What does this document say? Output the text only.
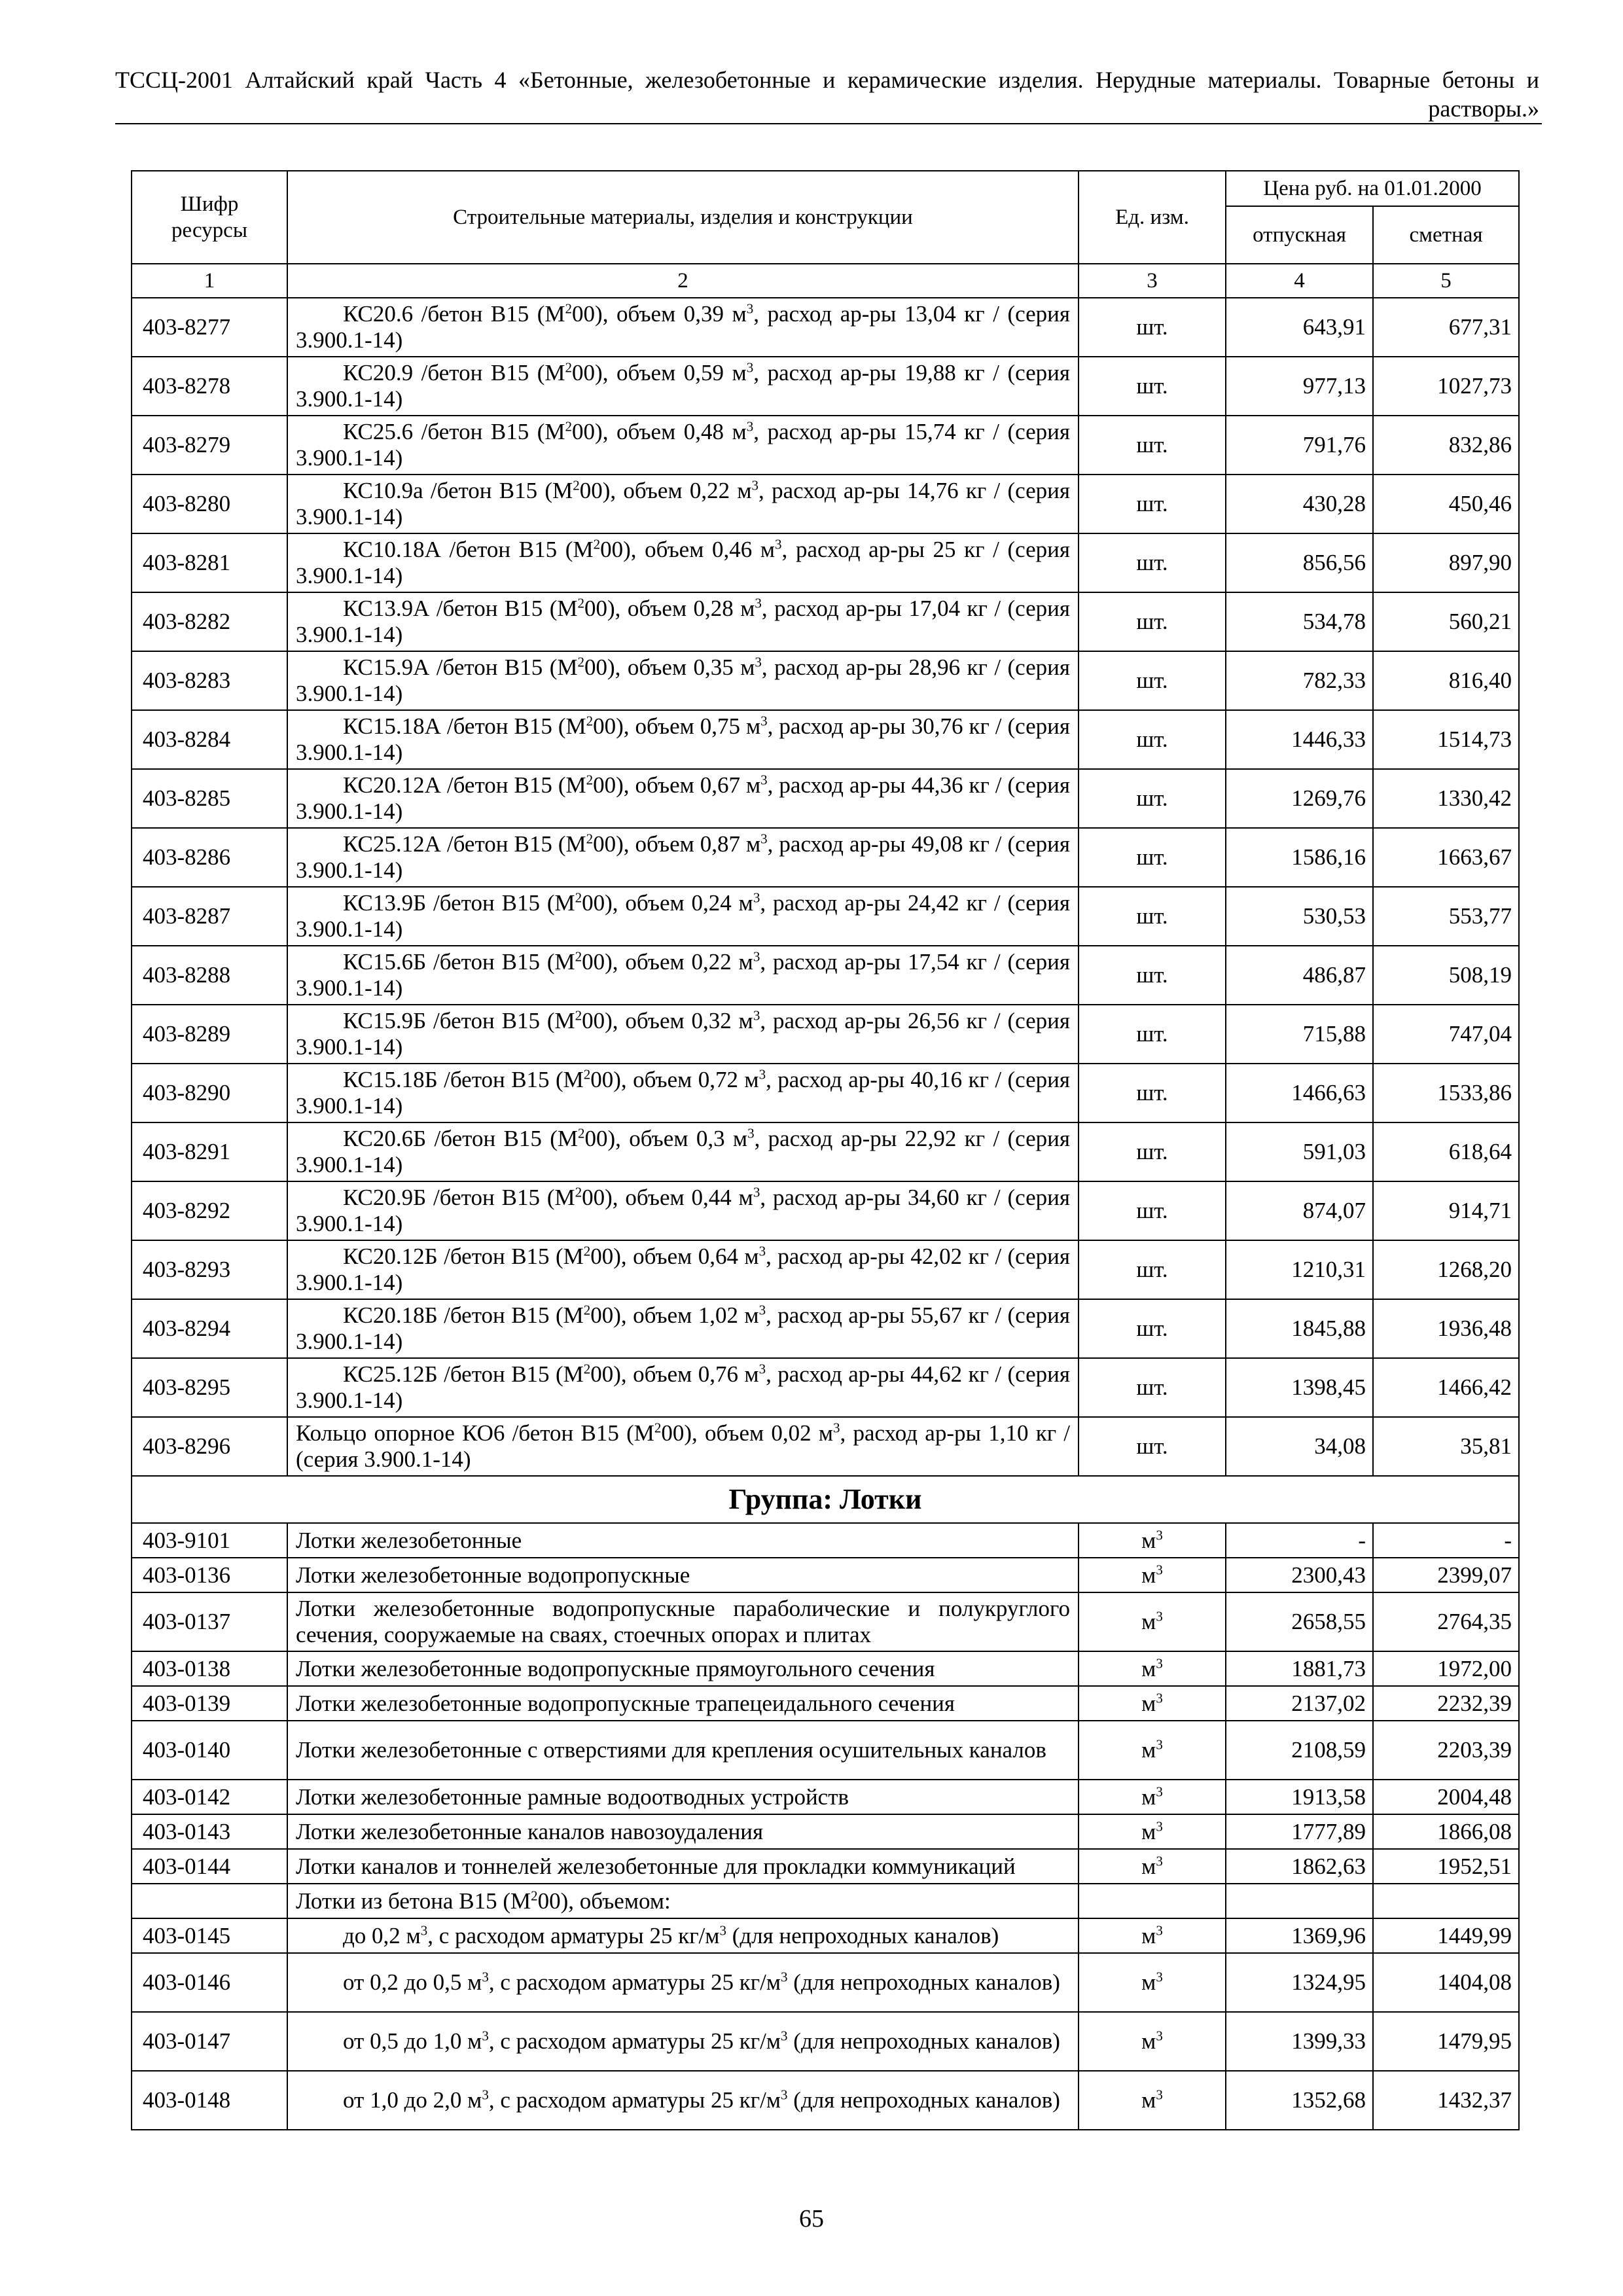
ТССЦ-2001 Алтайский край Часть 4 «Бетонные, железобетонные и керамические изделия. Нерудные материалы. Товарные бетоны и
растворы.»
Шифр ресурсы	Строительные материалы, изделия и конструкции	Ед. изм.	Цена руб. на 01.01.2000	
			отпускная	сметная
1	2	3	4	5
403-8277	КС20.6 /бетон В15 $(М^200)$, объем 0,39 $м^3$, расход ар-ры 13,04 кг / (серия 3.900.1-14)	шт.	643,91	677,31
403-8278	КС20.9 /бетон В15 $(М^200)$, объем 0,59 $м^3$, расход ар-ры 19,88 кг / (серия 3.900.1-14)	шт.	977,13	1027,73
403-8279	КС25.6 /бетон В15 $(М^200)$, объем 0,48 $м^3$, расход ар-ры 15,74 кг / (серия 3.900.1-14)	шт.	791,76	832,86
403-8280	КС10.9а /бетон В15 $(М^200)$, объем 0,22 $м^3$, расход ар-ры 14,76 кг / (серия 3.900.1-14)	шт.	430,28	450,46
403-8281	КС10.18А /бетон В15 $(М^200)$, объем 0,46 $м^3$, расход ар-ры 25 кг / (серия 3.900.1-14)	шт.	856,56	897,90
403-8282	КС13.9А /бетон В15 $(М^200)$, объем 0,28 $м^3$, расход ар-ры 17,04 кг / (серия 3.900.1-14)	шт.	534,78	560,21
403-8283	КС15.9А /бетон В15 $(М^200)$, объем 0,35 $м^3$, расход ар-ры 28,96 кг / (серия 3.900.1-14)	шт.	782,33	816,40
403-8284	КС15.18А /бетон В15 $(М^200)$, объем 0,75 $м^3$, расход ар-ры 30,76 кг / (серия 3.900.1-14)	шт.	1446,33	1514,73
403-8285	КС20.12А /бетон В15 $(М^200)$, объем 0,67 $м^3$, расход ар-ры 44,36 кг / (серия 3.900.1-14)	шт.	1269,76	1330,42
403-8286	КС25.12А /бетон В15 $(М^200)$, объем 0,87 $м^3$, расход ар-ры 49,08 кг / (серия 3.900.1-14)	шт.	1586,16	1663,67
403-8287	КС13.9Б /бетон В15 $(М^200)$, объем 0,24 $м^3$, расход ар-ры 24,42 кг / (серия 3.900.1-14)	шт.	530,53	553,77
403-8288	КС15.6Б /бетон В15 $(М^200)$, объем 0,22 $м^3$, расход ар-ры 17,54 кг / (серия 3.900.1-14)	шт.	486,87	508,19
403-8289	КС15.9Б /бетон В15 $(М^200)$, объем 0,32 $м^3$, расход ар-ры 26,56 кг / (серия 3.900.1-14)	шт.	715,88	747,04
403-8290	КС15.18Б /бетон В15 $(М^200)$, объем 0,72 $м^3$, расход ар-ры 40,16 кг / (серия 3.900.1-14)	шт.	1466,63	1533,86
403-8291	КС20.6Б /бетон В15 $(М^200)$, объем 0,3 $м^3$, расход ар-ры 22,92 кг / (серия 3.900.1-14)	шт.	591,03	618,64
403-8292	КС20.9Б /бетон В15 $(М^200)$, объем 0,44 $м^3$, расход ар-ры 34,60 кг / (серия 3.900.1-14)	шт.	874,07	914,71
403-8293	КС20.12Б /бетон В15 $(М^200)$, объем 0,64 $м^3$, расход ар-ры 42,02 кг / (серия 3.900.1-14)	шт.	1210,31	1268,20
403-8294	КС20.18Б /бетон В15 $(М^200)$, объем 1,02 $м^3$, расход ар-ры 55,67 кг / (серия 3.900.1-14)	шт.	1845,88	1936,48
403-8295	КС25.12Б /бетон В15 $(М^200)$, объем 0,76 $м^3$, расход ар-ры 44,62 кг / (серия 3.900.1-14)	шт.	1398,45	1466,42
403-8296	Кольцо опорное КО6 /бетон В15 $(М^200)$, объем 0,02 $м^3$, расход ар-ры 1,10 кг / (серия 3.900.1-14)	шт.	34,08	35,81
Группа: Лотки				
403-9101	Лотки железобетонные	$м^3$	-	-
403-0136	Лотки железобетонные водопропускные	$м^3$	2300,43	2399,07
403-0137	Лотки железобетонные водопропускные параболические и полукруглого сечения, сооружаемые на сваях, стоечных опорах и плитах	$м^3$	2658,55	2764,35
403-0138	Лотки железобетонные водопропускные прямоугольного сечения	$м^3$	1881,73	1972,00
403-0139	Лотки железобетонные водопропускные трапецеидального сечения	$м^3$	2137,02	2232,39
403-0140	Лотки железобетонные с отверстиями для крепления осушительных каналов	$м^3$	2108,59	2203,39
403-0142	Лотки железобетонные рамные водоотводных устройств	$м^3$	1913,58	2004,48
403-0143	Лотки железобетонные каналов навозоудаления	$м^3$	1777,89	1866,08
403-0144	Лотки каналов и тоннелей железобетонные для прокладки коммуникаций	$м^3$	1862,63	1952,51
	Лотки из бетона В15 $(М^200)$, объемом:			
403-0145	до 0,2 $м^3$, с расходом арматуры 25 $кг/м^3$ (для непроходных каналов)	$м^3$	1369,96	1449,99
403-0146	от 0,2 до 0,5 $м^3$, с расходом арматуры 25 $кг/м^3$ (для непроходных каналов)	$м^3$	1324,95	1404,08
403-0147	от 0,5 до 1,0 $м^3$, с расходом арматуры 25 $кг/м^3$ (для непроходных каналов)	$м^3$	1399,33	1479,95
403-0148	от 1,0 до 2,0 $м^3$, с расходом арматуры 25 $кг/м^3$ (для непроходных каналов)	$м^3$	1352,68	1432,37
65
